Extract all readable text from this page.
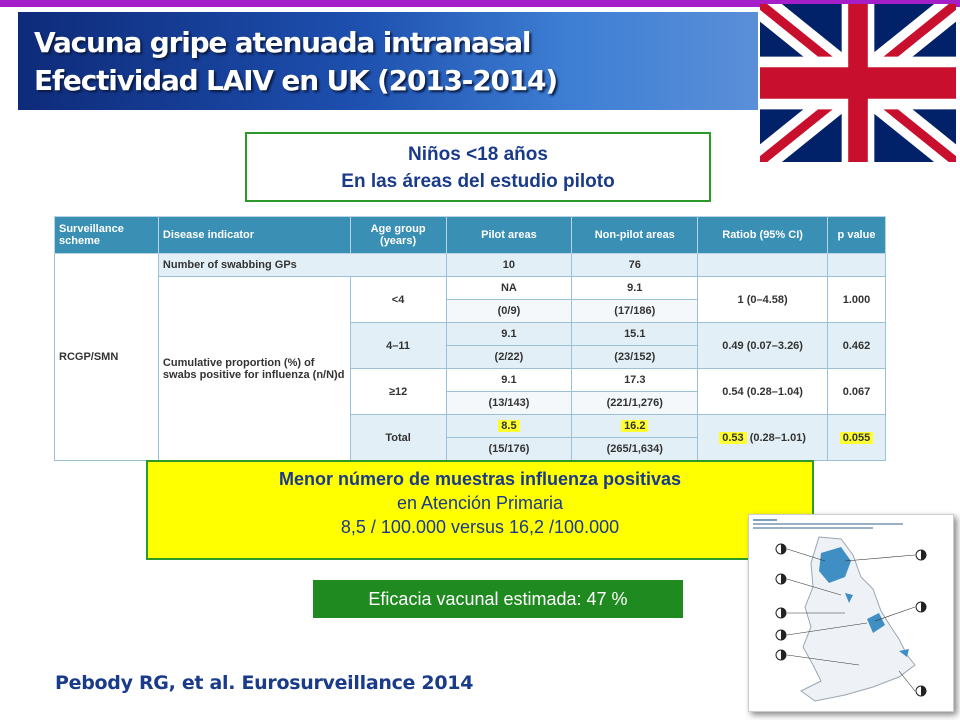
Vacuna gripe atenuada intranasal
Efectividad LAIV en UK (2013-2014)
Niños <18 años
En las áreas del estudio piloto
Surveillance scheme	Disease indicator	Age group (years)	Pilot areas	Non-pilot areas	Ratiob (95% CI)	p value
RCGP/SMN	Number of swabbing GPs		10	76		
	Cumulative proportion (%) of swabs positive for influenza (n/N)d	<4	NA	9.1	1 (0–4.58)	1.000
			(0/9)	(17/186)		
		4–11	9.1	15.1	0.49 (0.07–3.26)	0.462
			(2/22)	(23/152)		
		≥12	9.1	17.3	0.54 (0.28–1.04)	0.067
			(13/143)	(221/1,276)		
		Total	8.5	16.2	0.53 (0.28–1.01)	0.055
			(15/176)	(265/1,634)		
Menor número de muestras influenza positivas
en Atención Primaria
8,5 / 100.000 versus 16,2 /100.000
Eficacia vacunal estimada: 47 %
Pebody RG, et al. Eurosurveillance 2014
